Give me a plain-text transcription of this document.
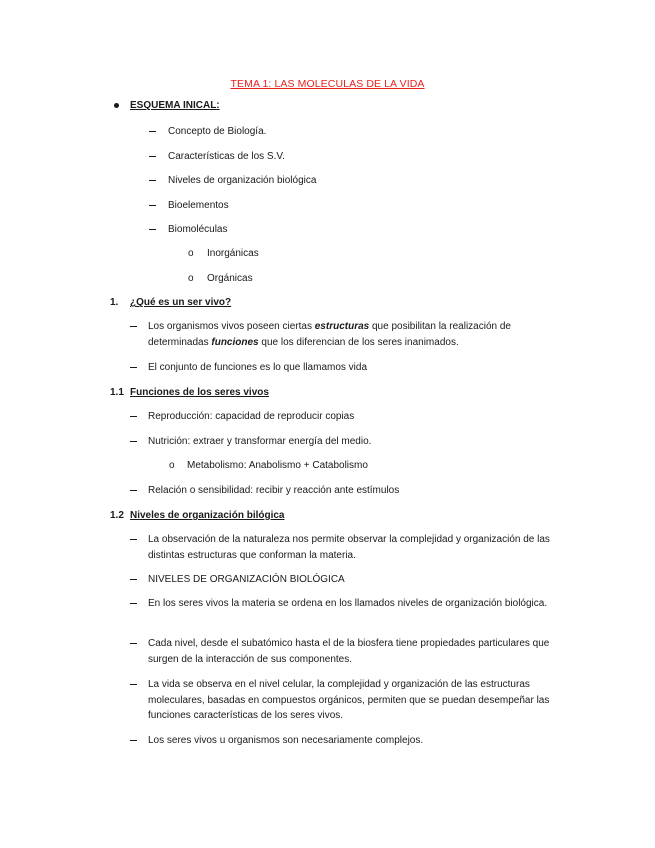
TEMA 1: LAS MOLECULAS DE LA VIDA
ESQUEMA INICAL:
Concepto de Biología.
Características de los S.V.
Niveles de organización biológica
Bioelementos
Biomoléculas
o Inorgánicas
o Orgánicas
1. ¿Qué es un ser vivo?
Los organismos vivos poseen ciertas estructuras que posibilitan la realización de determinadas funciones que los diferencian de los seres inanimados.
El conjunto de funciones es lo que llamamos vida
1.1 Funciones de los seres vivos
Reproducción: capacidad de reproducir copias
Nutrición: extraer y transformar energía del medio.
o Metabolismo: Anabolismo + Catabolismo
Relación o sensibilidad: recibir y reacción ante estímulos
1.2 Niveles de organización bilógica
La observación de la naturaleza nos permite observar la complejidad y organización de las distintas estructuras que conforman la materia.
NIVELES DE ORGANIZACIÓN BIOLÓGICA
En los seres vivos la materia se ordena en los llamados niveles de organización biológica.
Cada nivel, desde el subatómico hasta el de la biosfera tiene propiedades particulares que surgen de la interacción de sus componentes.
La vida se observa en el nivel celular, la complejidad y organización de las estructuras moleculares, basadas en compuestos orgánicos, permiten que se puedan desempeñar las funciones características de los seres vivos.
Los seres vivos u organismos son necesariamente complejos.
